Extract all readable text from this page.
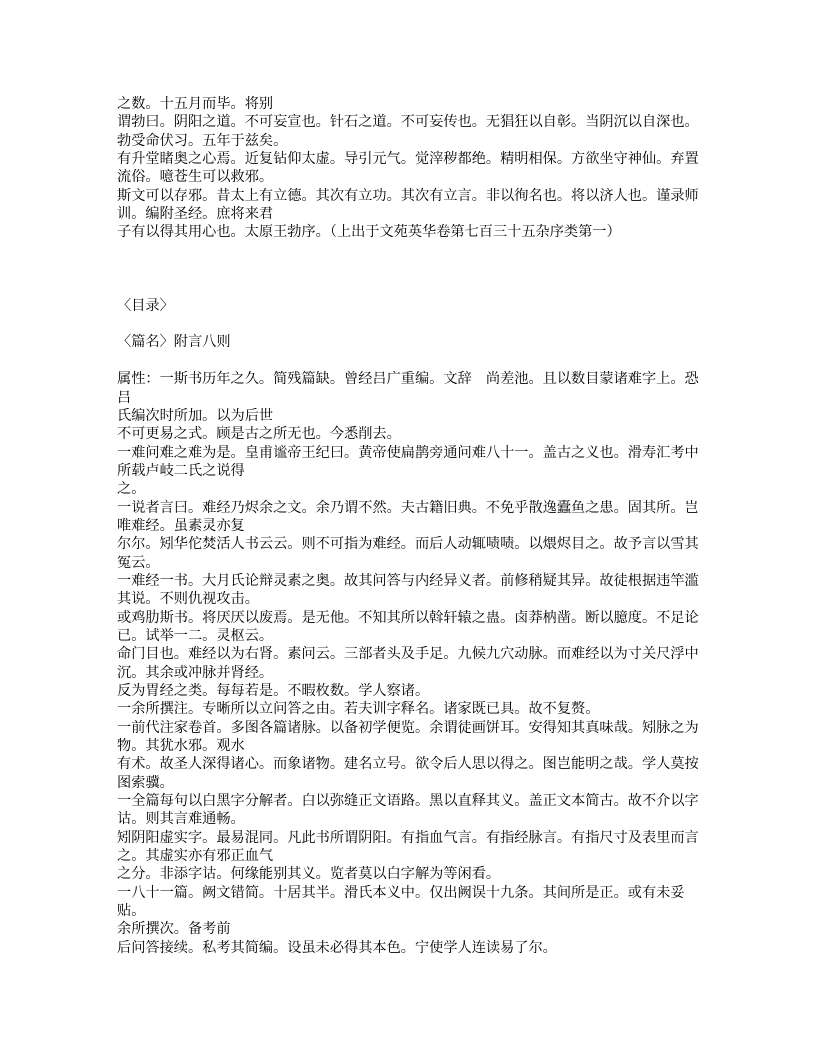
之数。十五月而毕。将别
谓勃曰。阴阳之道。不可妄宣也。针石之道。不可妄传也。无猖狂以自彰。当阴沉以自深也。
勃受命伏习。五年于兹矣。
有升堂睹奥之心焉。近复钻仰太虚。导引元气。觉滓秽都绝。精明相保。方欲坐守神仙。弃置
流俗。噫苍生可以救邪。
斯文可以存邪。昔太上有立德。其次有立功。其次有立言。非以徇名也。将以济人也。谨录师
训。编附圣经。庶将来君
子有以得其用心也。太原王勃序。（上出于文苑英华卷第七百三十五杂序类第一）
〈目录〉
〈篇名〉附言八则
属性：一斯书历年之久。简残篇缺。曾经吕广重编。文辞　尚差池。且以数目蒙诸难字上。恐吕
氏编次时所加。以为后世
不可更易之式。顾是古之所无也。今悉削去。
一难问难之难为是。皇甫谧帝王纪曰。黄帝使扁鹊旁通问难八十一。盖古之义也。滑寿汇考中
所载卢岐二氏之说得
之。
一说者言曰。难经乃烬余之文。余乃谓不然。夫古籍旧典。不免乎散逸蠹鱼之患。固其所。岂
唯难经。虽素灵亦复
尔尔。矧华佗焚活人书云云。则不可指为难经。而后人动辄啧啧。以煨烬目之。故予言以雪其
冤云。
一难经一书。大月氏论辩灵素之奥。故其问答与内经异义者。前修稍疑其异。故徒根据违竿滥
其说。不则仇视攻击。
或鸡肋斯书。将厌厌以废焉。是无他。不知其所以斡轩辕之蛊。卤莽枘凿。断以臆度。不足论
已。试举一二。灵枢云。
命门目也。难经以为右肾。素问云。三部者头及手足。九候九穴动脉。而难经以为寸关尺浮中
沉。其余或冲脉并肾经。
反为胃经之类。每每若是。不暇枚数。学人察诸。
一余所撰注。专晰所以立问答之由。若夫训字释名。诸家既已具。故不复赘。
一前代注家卷首。多图各篇诸脉。以备初学便览。余谓徒画饼耳。安得知其真味哉。矧脉之为
物。其犹水邪。观水
有术。故圣人深得诸心。而象诸物。建名立号。欲令后人思以得之。图岂能明之哉。学人莫按
图索骥。
一全篇每句以白黑字分解者。白以弥缝正文语路。黑以直释其义。盖正文本简古。故不介以字
诂。则其言难通畅。
矧阴阳虚实字。最易混同。凡此书所谓阴阳。有指血气言。有指经脉言。有指尺寸及表里而言
之。其虚实亦有邪正血气
之分。非添字诂。何缘能别其义。览者莫以白字解为等闲看。
一八十一篇。阙文错简。十居其半。滑氏本义中。仅出阙误十九条。其间所是正。或有未妥贴。
余所撰次。备考前
后问答接续。私考其简编。设虽未必得其本色。宁使学人连读易了尔。
